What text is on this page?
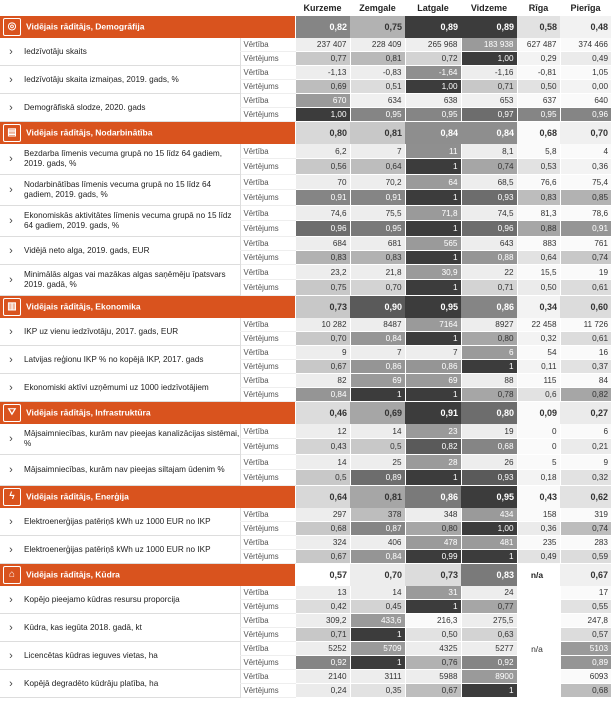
			Kurzeme	Zemgale	Latgale	Vidzeme	Rīga	Pierīga
◎ Vidējais rādītājs, Demogrāfija			0,82	0,75	0,89	0,89	0,58	0,48
›	Iedzīvotāju skaits	Vērtība	237 407	228 409	265 968	183 938	627 487	374 466
		Vērtējums	0,77	0,81	0,72	1,00	0,29	0,49
›	Iedzīvotāju skaita izmaiņas, 2019. gads, %	Vērtība	-1,13	-0,83	-1,64	-1,16	-0,81	1,05
		Vērtējums	0,69	0,51	1,00	0,71	0,50	0,00
›	Demogrāfiskā slodze, 2020. gads	Vērtība	670	634	638	653	637	640
		Vērtējums	1,00	0,95	0,95	0,97	0,95	0,96
▤ Vidējais rādītājs, Nodarbinātība			0,80	0,81	0,84	0,84	0,68	0,70
›	Bezdarba līmenis vecuma grupā no 15 līdz 64 gadiem, 2019. gads, %	Vērtība	6,2	7	11	8,1	5,8	4
		Vērtējums	0,56	0,64	1	0,74	0,53	0,36
›	Nodarbinātības līmenis vecuma grupā no 15 līdz 64 gadiem, 2019. gads, %	Vērtība	70	70,2	64	68,5	76,6	75,4
		Vērtējums	0,91	0,91	1	0,93	0,83	0,85
›	Ekonomiskās aktivitātes līmenis vecuma grupā no 15 līdz 64 gadiem, 2019. gads, %	Vērtība	74,6	75,5	71,8	74,5	81,3	78,6
		Vērtējums	0,96	0,95	1	0,96	0,88	0,91
›	Vidējā neto alga, 2019. gads, EUR	Vērtība	684	681	565	643	883	761
		Vērtējums	0,83	0,83	1	0,88	0,64	0,74
›	Minimālās algas vai mazākas algas saņēmēju īpatsvars 2019. gadā, %	Vērtība	23,2	21,8	30,9	22	15,5	19
		Vērtējums	0,75	0,70	1	0,71	0,50	0,61
▥ Vidējais rādītājs, Ekonomika			0,73	0,90	0,95	0,86	0,34	0,60
›	IKP uz vienu iedzīvotāju, 2017. gads, EUR	Vērtība	10 282	8487	7164	8927	22 458	11 726
		Vērtējums	0,70	0,84	1	0,80	0,32	0,61
›	Latvijas reģionu IKP % no kopējā IKP, 2017. gads	Vērtība	9	7	7	6	54	16
		Vērtējums	0,67	0,86	0,86	1	0,11	0,37
›	Ekonomiski aktīvi uzņēmumi uz 1000 iedzīvotājiem	Vērtība	82	69	69	88	115	84
		Vērtējums	0,84	1	1	0,78	0,6	0,82
⛛ Vidējais rādītājs, Infrastruktūra			0,46	0,69	0,91	0,80	0,09	0,27
›	Mājsaimniecības, kurām nav pieejas kanalizācijas sistēmai, %	Vērtība	12	14	23	19	0	6
		Vērtējums	0,43	0,5	0,82	0,68	0	0,21
›	Mājsaimniecības, kurām nav pieejas siltajam ūdenim %	Vērtība	14	25	28	26	5	9
		Vērtējums	0,5	0,89	1	0,93	0,18	0,32
ϟ Vidējais rādītājs, Enerģija			0,64	0,81	0,86	0,95	0,43	0,62
›	Elektroenerģijas patēriņš kWh uz 1000 EUR no IKP	Vērtība	297	378	348	434	158	319
		Vērtējums	0,68	0,87	0,80	1,00	0,36	0,74
›	Elektroenerģijas patēriņš kWh uz 1000 EUR no IKP	Vērtība	324	406	478	481	235	283
		Vērtējums	0,67	0,84	0,99	1	0,49	0,59
⌂ Vidējais rādītājs, Kūdra			0,57	0,70	0,73	0,83	n/a	0,67
›	Kopējo pieejamo kūdras resursu proporcija	Vērtība	13	14	31	24		17
		Vērtējums	0,42	0,45	1	0,77		0,55
›	Kūdra, kas iegūta 2018. gadā, kt	Vērtība	309,2	433,6	216,3	275,5		247,8
		Vērtējums	0,71	1	0,50	0,63		0,57
›	Licencētas kūdras ieguves vietas, ha	Vērtība	5252	5709	4325	5277	n/a	5103
		Vērtējums	0,92	1	0,76	0,92		0,89
›	Kopējā degradēto kūdrāju platība, ha	Vērtība	2140	3111	5988	8900		6093
		Vērtējums	0,24	0,35	0,67	1		0,68
